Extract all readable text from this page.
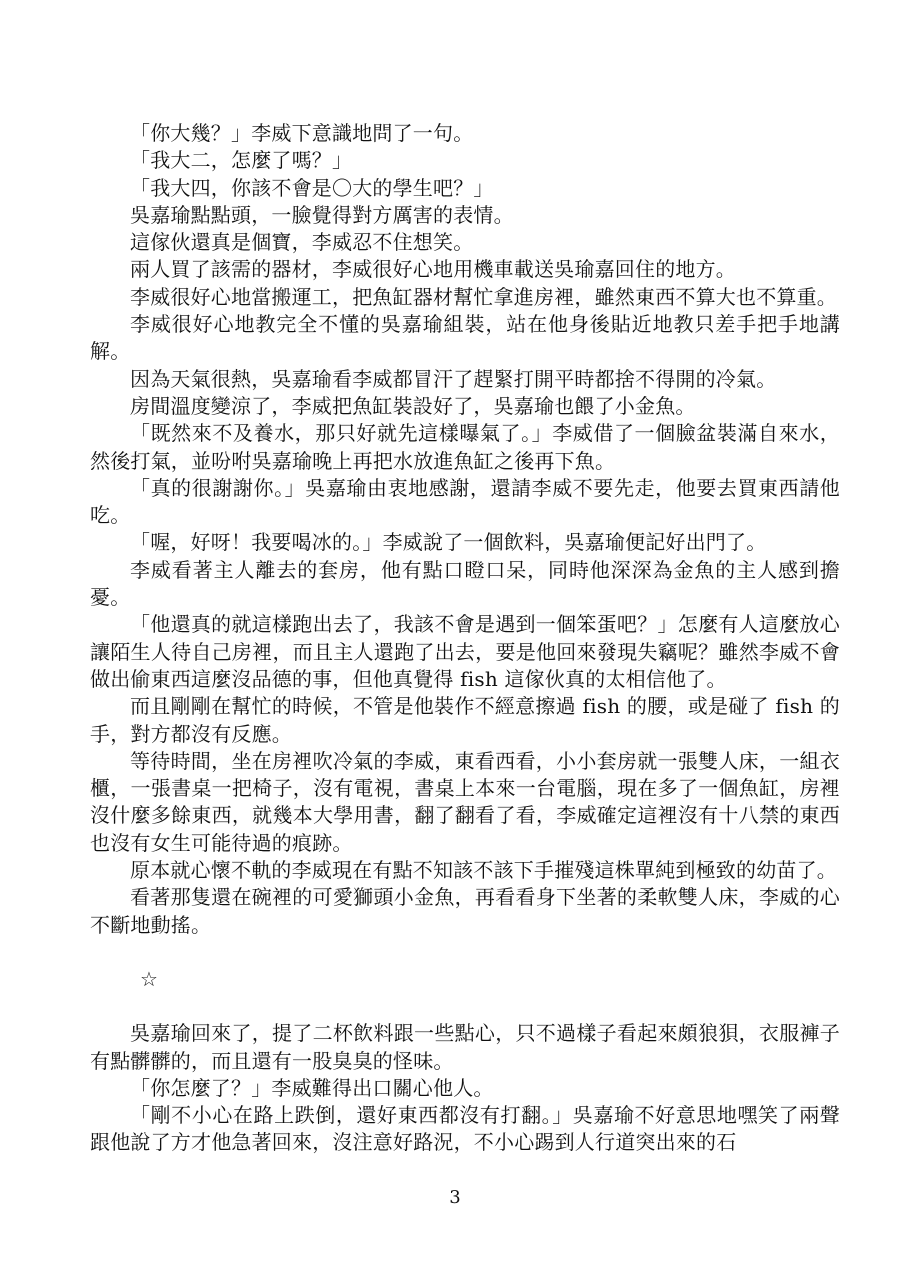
「你大幾？」李威下意識地問了一句。

「我大二，怎麼了嗎？」

「我大四，你該不會是〇大的學生吧？」

吳嘉瑜點點頭，一臉覺得對方厲害的表情。

這傢伙還真是個寶，李威忍不住想笑。

兩人買了該需的器材，李威很好心地用機車載送吳瑜嘉回住的地方。

李威很好心地當搬運工，把魚缸器材幫忙拿進房裡，雖然東西不算大也不算重。

李威很好心地教完全不懂的吳嘉瑜組裝，站在他身後貼近地教只差手把手地講解。

因為天氣很熱，吳嘉瑜看李威都冒汗了趕緊打開平時都捨不得開的冷氣。

房間溫度變涼了，李威把魚缸裝設好了，吳嘉瑜也餵了小金魚。

「既然來不及養水，那只好就先這樣曝氣了。」李威借了一個臉盆裝滿自來水，然後打氣，並吩咐吳嘉瑜晚上再把水放進魚缸之後再下魚。

「真的很謝謝你。」吳嘉瑜由衷地感謝，還請李威不要先走，他要去買東西請他吃。

「喔，好呀！我要喝冰的。」李威說了一個飲料，吳嘉瑜便記好出門了。

李威看著主人離去的套房，他有點口瞪口呆，同時他深深為金魚的主人感到擔憂。

「他還真的就這樣跑出去了，我該不會是遇到一個笨蛋吧？」怎麼有人這麼放心讓陌生人待自己房裡，而且主人還跑了出去，要是他回來發現失竊呢？雖然李威不會做出偷東西這麼沒品德的事，但他真覺得 fish 這傢伙真的太相信他了。

而且剛剛在幫忙的時候，不管是他裝作不經意擦過 fish 的腰，或是碰了 fish 的手，對方都沒有反應。

等待時間，坐在房裡吹冷氣的李威，東看西看，小小套房就一張雙人床，一組衣櫃，一張書桌一把椅子，沒有電視，書桌上本來一台電腦，現在多了一個魚缸，房裡沒什麼多餘東西，就幾本大學用書，翻了翻看了看，李威確定這裡沒有十八禁的東西也沒有女生可能待過的痕跡。

原本就心懷不軌的李威現在有點不知該不該下手摧殘這株單純到極致的幼苗了。

看著那隻還在碗裡的可愛獅頭小金魚，再看看身下坐著的柔軟雙人床，李威的心不斷地動搖。

☆

吳嘉瑜回來了，提了二杯飲料跟一些點心，只不過樣子看起來頗狼狽，衣服褲子有點髒髒的，而且還有一股臭臭的怪味。

「你怎麼了？」李威難得出口關心他人。

「剛不小心在路上跌倒，還好東西都沒有打翻。」吳嘉瑜不好意思地嘿笑了兩聲跟他說了方才他急著回來，沒注意好路況，不小心踢到人行道突出來的石

3
